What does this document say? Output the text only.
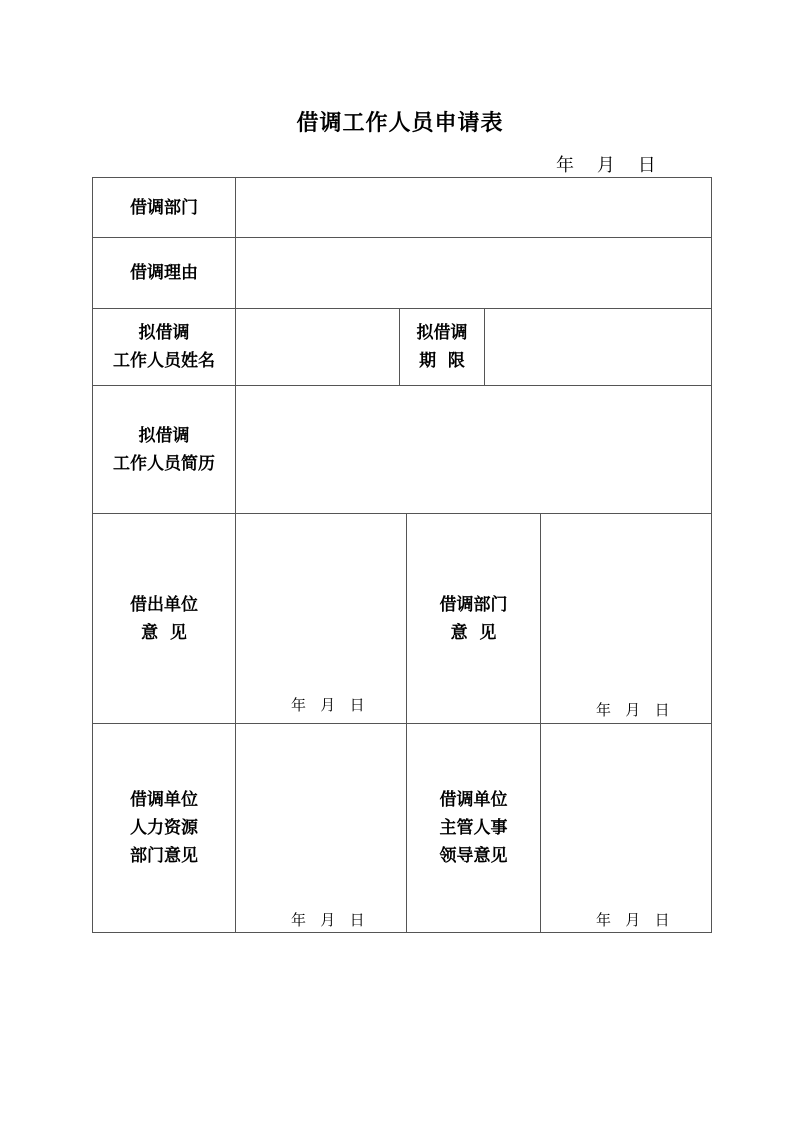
借调工作人员申请表
年    月    日
借调部门
借调理由
拟借调
工作人员姓名
拟借调
期  限
拟借调
工作人员简历
借出单位
意  见
年   月   日
借调部门
意  见
年   月   日
借调单位
人力资源
部门意见
年   月   日
借调单位
主管人事
领导意见
年   月   日
